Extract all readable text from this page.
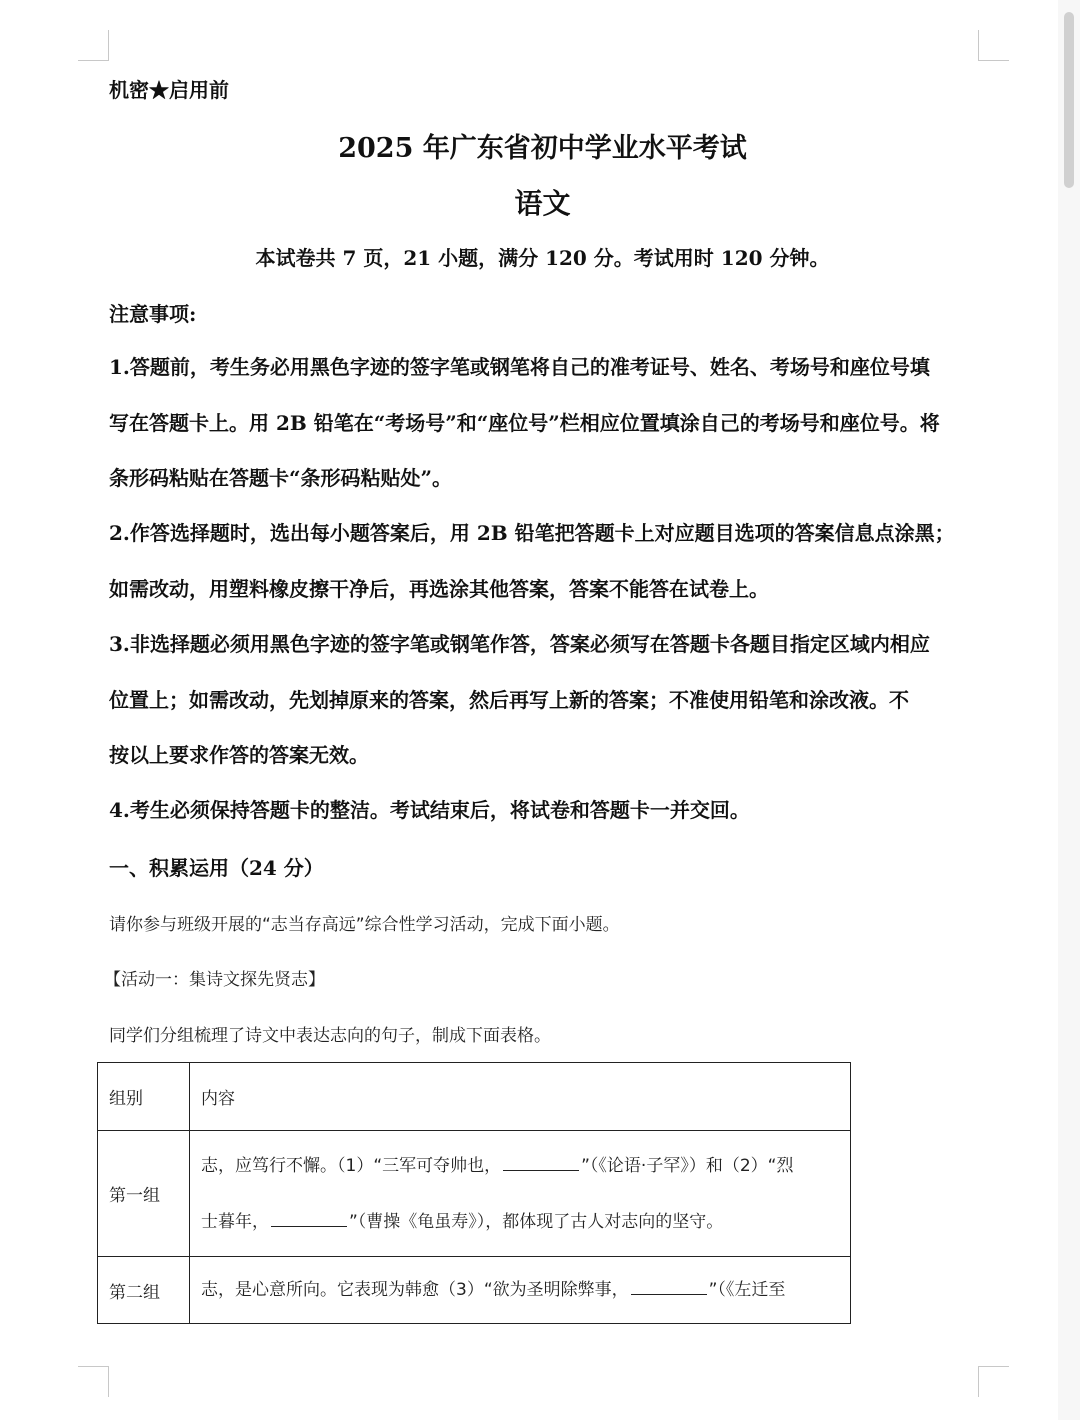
机密★启用前
2025 年广东省初中学业水平考试
语文
本试卷共 7 页，21 小题，满分 120 分。考试用时 120 分钟。
注意事项:
1.答题前，考生务必用黑色字迹的签字笔或钢笔将自己的准考证号、姓名、考场号和座位号填
写在答题卡上。用 2B 铅笔在“考场号”和“座位号”栏相应位置填涂自己的考场号和座位号。将
条形码粘贴在答题卡“条形码粘贴处”。
2.作答选择题时，选出每小题答案后，用 2B 铅笔把答题卡上对应题目选项的答案信息点涂黑；
如需改动，用塑料橡皮擦干净后，再选涂其他答案，答案不能答在试卷上。
3.非选择题必须用黑色字迹的签字笔或钢笔作答，答案必须写在答题卡各题目指定区域内相应
位置上；如需改动，先划掉原来的答案，然后再写上新的答案；不准使用铅笔和涂改液。不
按以上要求作答的答案无效。
4.考生必须保持答题卡的整洁。考试结束后，将试卷和答题卡一并交回。
一、积累运用（24 分）
请你参与班级开展的“志当存高远”综合性学习活动，完成下面小题。
【活动一：集诗文探先贤志】
同学们分组梳理了诗文中表达志向的句子，制成下面表格。
组别	内容
第一组	志，应笃行不懈。（1）“三军可夺帅也， ”（《论语·子罕》）和（2）“烈
士暮年， ”（曹操《龟虽寿》），都体现了古人对志向的坚守。

第二组	志，是心意所向。它表现为韩愈（3）“欲为圣明除弊事， ”（《左迁至
